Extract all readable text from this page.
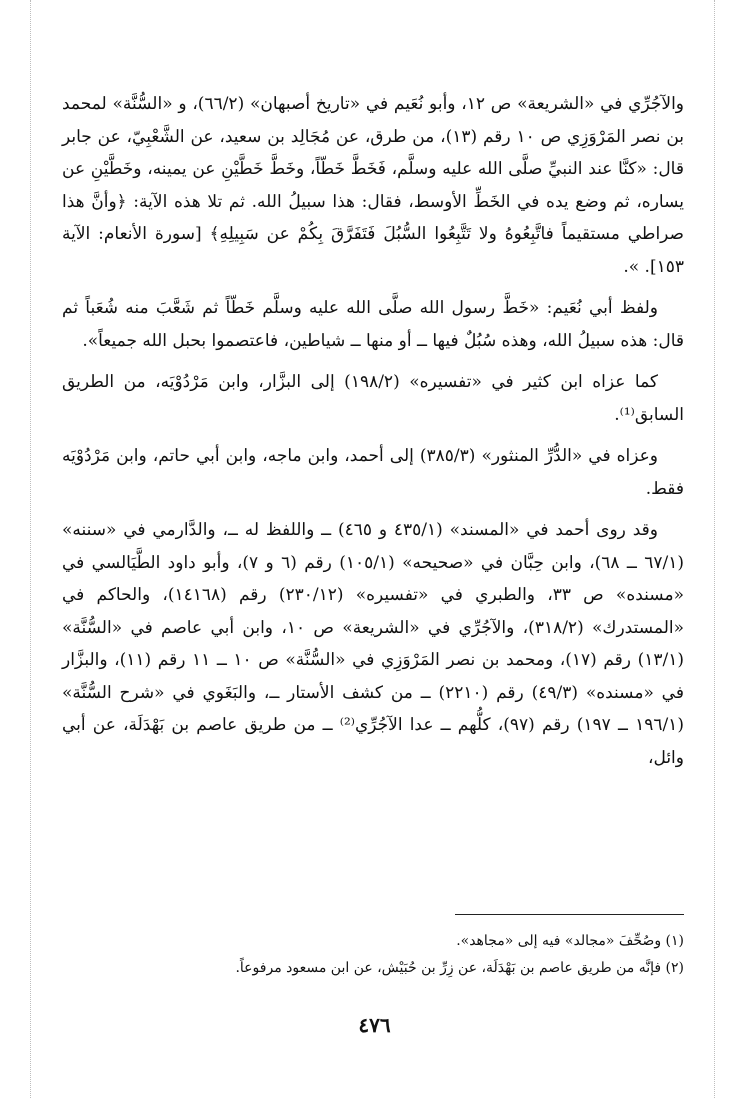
والآجُرِّي في «الشريعة» ص ١٢، وأبو نُعَيم في «تاريخ أصبهان» (٦٦/٢)، و «السُّنَّة» لمحمد بن نصر المَرْوَزِي ص ١٠ رقم (١٣)، من طرق، عن مُجَالِد بن سعيد، عن الشَّعْبِيّ، عن جابر قال: «كنَّا عند النبيِّ صلَّى الله عليه وسلَّم، فَخَطَّ خَطّاً، وخَطَّ خَطَّيْنِ عن يمينه، وخَطَّيْنِ عن يساره، ثم وضع يده في الخَطِّ الأوسط، فقال: هذا سبيلُ الله. ثم تلا هذه الآية: ﴿وأنَّ هذا صراطي مستقيماً فاتَّبِعُوهُ ولا تَتَّبِعُوا السُّبُلَ فَتَفَرَّقَ بِكُمْ عن سَبِيلِهِ﴾ [سورة الأنعام: الآية ١٥٣]. ».

ولفظ أبي نُعَيم: «خَطَّ رسول الله صلَّى الله عليه وسلَّم خَطّاً ثم شَعَّبَ منه شُعَباً ثم قال: هذه سبيلُ الله، وهذه سُبُلٌ فيها ــ أو منها ــ شياطين، فاعتصموا بحبل الله جميعاً».

كما عزاه ابن كثير في «تفسيره» (١٩٨/٢) إلى البزَّار، وابن مَرْدُوْيَه، من الطريق السابق⁽¹⁾.

وعزاه في «الدُّرِّ المنثور» (٣٨٥/٣) إلى أحمد، وابن ماجه، وابن أبي حاتم، وابن مَرْدُوْيَه فقط.

وقد روى أحمد في «المسند» (٤٣٥/١ و ٤٦٥) ــ واللفظ له ــ، والدَّارمي في «سننه» (٦٧/١ ــ ٦٨)، وابن حِبَّان في «صحيحه» (١٠٥/١) رقم (٦ و ٧)، وأبو داود الطَّيَالسي في «مسنده» ص ٣٣، والطبري في «تفسيره» (٢٣٠/١٢) رقم (١٤١٦٨)، والحاكم في «المستدرك» (٣١٨/٢)، والآجُرِّي في «الشريعة» ص ١٠، وابن أبي عاصم في «السُّنَّة» (١٣/١) رقم (١٧)، ومحمد بن نصر المَرْوَزِي في «السُّنَّة» ص ١٠ ــ ١١ رقم (١١)، والبزَّار في «مسنده» (٤٩/٣) رقم (٢٢١٠) ــ من كشف الأستار ــ، والبَغَوي في «شرح السُّنَّة» (١٩٦/١ ــ ١٩٧) رقم (٩٧)، كلُّهم ــ عدا الآجُرِّي⁽²⁾ ــ من طريق عاصم بن بَهْدَلَة، عن أبي وائل،

(١) وصُحِّفَ «مجالد» فيه إلى «مجاهد».

(٢) فإنَّه من طريق عاصم بن بَهْدَلَة، عن زِرِّ بن حُبَيْش، عن ابن مسعود مرفوعاً.

٤٧٦
